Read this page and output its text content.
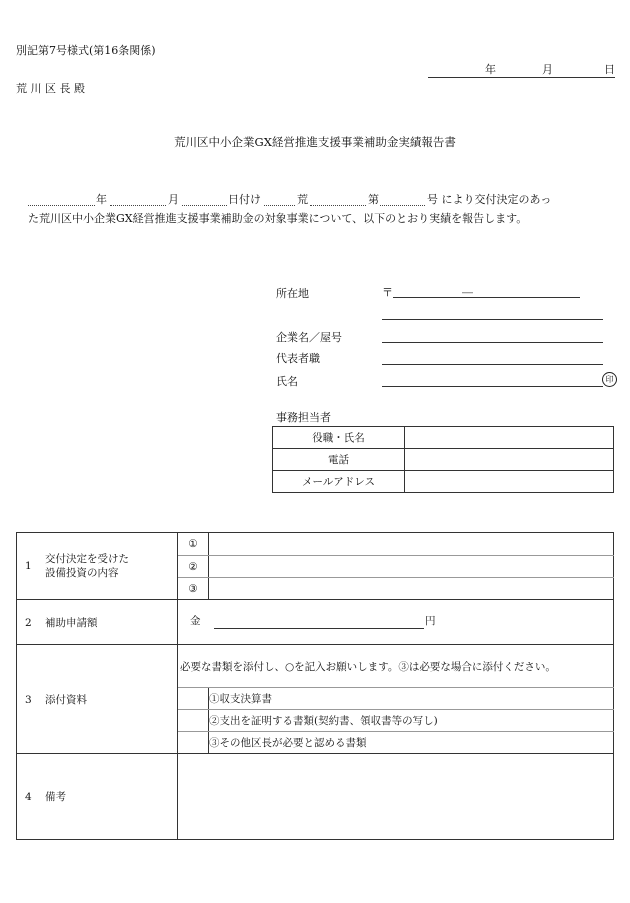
別記第7号様式(第16条関係)
年	月	日
荒 川 区 長 殿
荒川区中小企業GX経営推進支援事業補助金実績報告書
年	月	日付け	荒	第	号 により交付決定のあっ
た荒川区中小企業GX経営推進支援事業補助金の対象事業について、以下のとおり実績を報告します。
所在地	〒	―
企業名／屋号
代表者職
氏名	印
事務担当者
役職・氏名	
電話	
メールアドレス	
1交付決定を受けた
設備投資の内容	①	
	②	
	③	
2 補助申請額	金 円	

3 添付資料	必要な書類を添付し、○を記入お願いします。③は必要な場合に添付ください。	
		①収支決算書
		②支出を証明する書類(契約書、領収書等の写し)
		③その他区長が必要と認める書類
4 備考		
